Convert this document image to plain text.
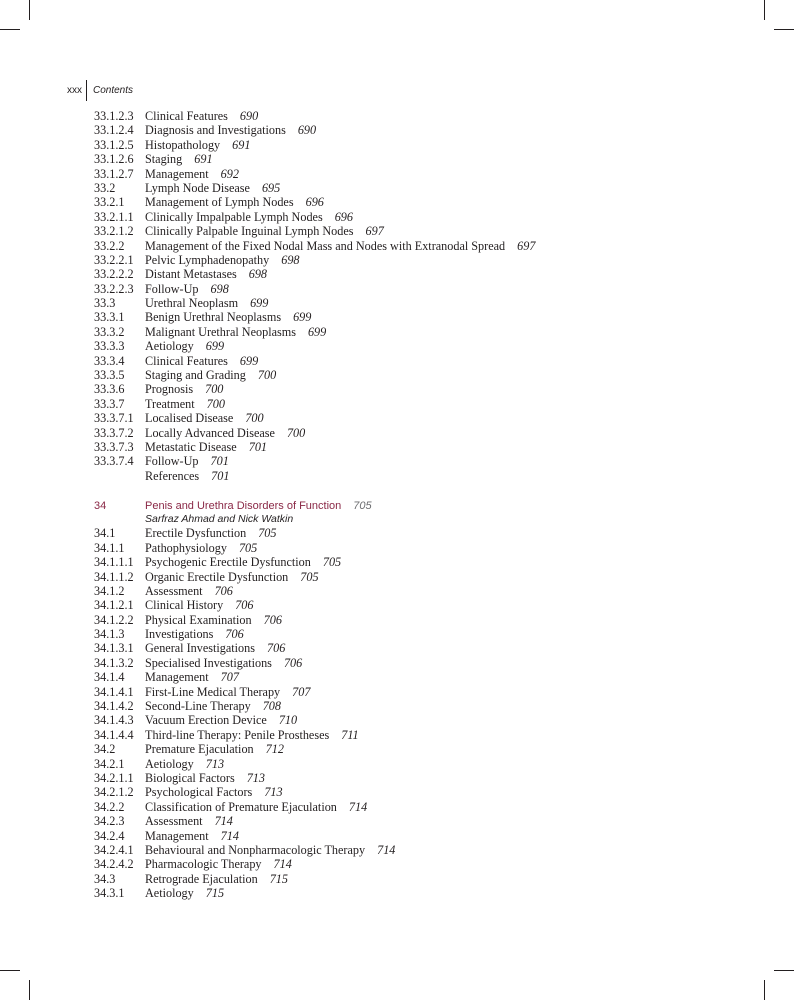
xxx	Contents
33.1.2.3 Clinical Features 690
33.1.2.4 Diagnosis and Investigations 690
33.1.2.5 Histopathology 691
33.1.2.6 Staging 691
33.1.2.7 Management 692
33.2 Lymph Node Disease 695
33.2.1 Management of Lymph Nodes 696
33.2.1.1 Clinically Impalpable Lymph Nodes 696
33.2.1.2 Clinically Palpable Inguinal Lymph Nodes 697
33.2.2 Management of the Fixed Nodal Mass and Nodes with Extranodal Spread 697
33.2.2.1 Pelvic Lymphadenopathy 698
33.2.2.2 Distant Metastases 698
33.2.2.3 Follow-Up 698
33.3 Urethral Neoplasm 699
33.3.1 Benign Urethral Neoplasms 699
33.3.2 Malignant Urethral Neoplasms 699
33.3.3 Aetiology 699
33.3.4 Clinical Features 699
33.3.5 Staging and Grading 700
33.3.6 Prognosis 700
33.3.7 Treatment 700
33.3.7.1 Localised Disease 700
33.3.7.2 Locally Advanced Disease 700
33.3.7.3 Metastatic Disease 701
33.3.7.4 Follow-Up 701
References 701
34	Penis and Urethra Disorders of Function 705
Sarfraz Ahmad and Nick Watkin
34.1 Erectile Dysfunction 705
34.1.1 Pathophysiology 705
34.1.1.1 Psychogenic Erectile Dysfunction 705
34.1.1.2 Organic Erectile Dysfunction 705
34.1.2 Assessment 706
34.1.2.1 Clinical History 706
34.1.2.2 Physical Examination 706
34.1.3 Investigations 706
34.1.3.1 General Investigations 706
34.1.3.2 Specialised Investigations 706
34.1.4 Management 707
34.1.4.1 First-Line Medical Therapy 707
34.1.4.2 Second-Line Therapy 708
34.1.4.3 Vacuum Erection Device 710
34.1.4.4 Third-line Therapy: Penile Prostheses 711
34.2 Premature Ejaculation 712
34.2.1 Aetiology 713
34.2.1.1 Biological Factors 713
34.2.1.2 Psychological Factors 713
34.2.2 Classification of Premature Ejaculation 714
34.2.3 Assessment 714
34.2.4 Management 714
34.2.4.1 Behavioural and Nonpharmacologic Therapy 714
34.2.4.2 Pharmacologic Therapy 714
34.3 Retrograde Ejaculation 715
34.3.1 Aetiology 715
